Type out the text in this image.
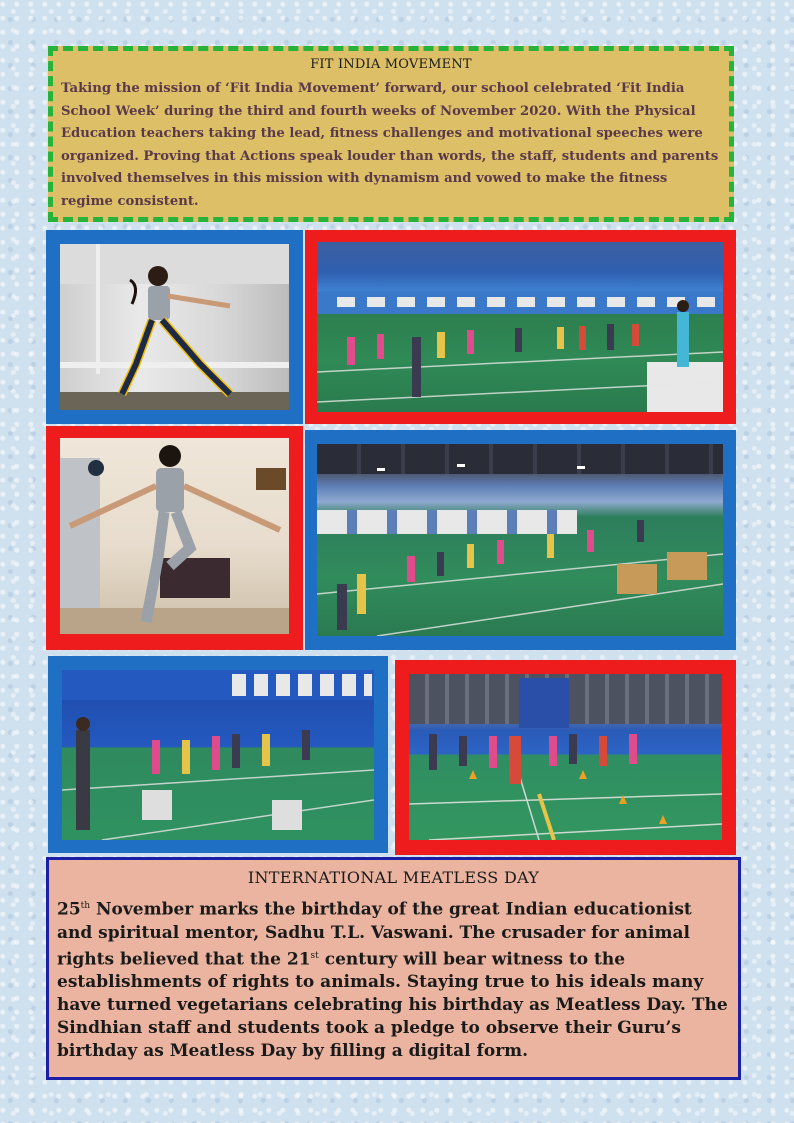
FIT INDIA MOVEMENT
Taking the mission of ‘Fit India Movement’ forward, our school celebrated ‘Fit India School Week’ during the third and fourth weeks of November 2020. With the Physical Education teachers taking the lead, fitness challenges and motivational speeches were organized. Proving that Actions speak louder than words, the staff, students and parents involved themselves in this mission with dynamism and vowed to make the fitness regime consistent.
INTERNATIONAL MEATLESS DAY
25th November marks the birthday of the great Indian educationist and spiritual mentor, Sadhu T.L. Vaswani. The crusader for animal rights believed that the 21st century will bear witness to the establishments of rights to animals. Staying true to his ideals many have turned vegetarians celebrating his birthday as Meatless Day. The Sindhian staff and students took a pledge to observe their Guru’s birthday as Meatless Day by filling a digital form.
